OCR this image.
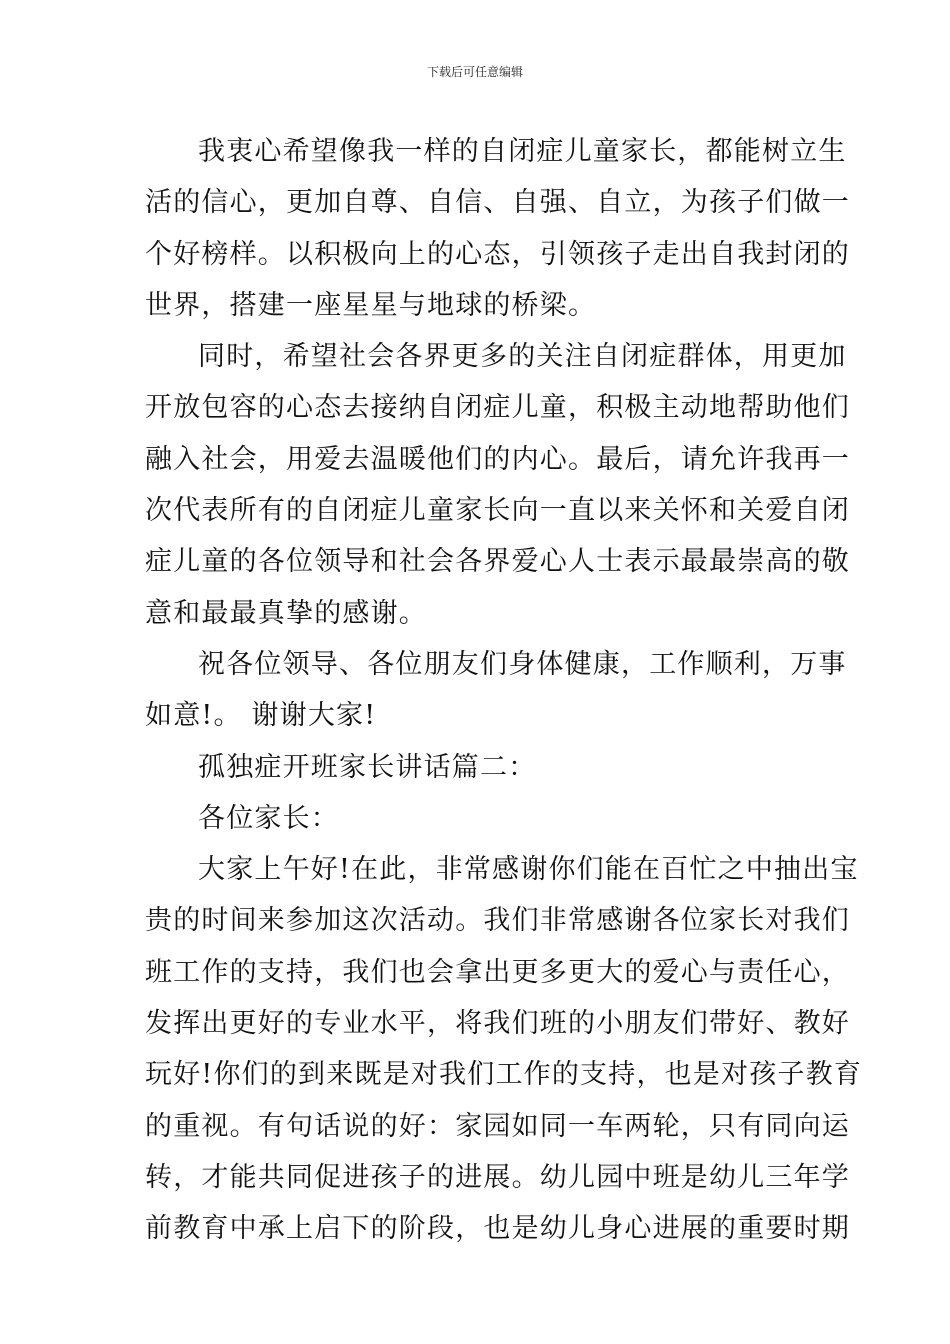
下载后可任意编辑
我衷心希望像我一样的自闭症儿童家长，都能树立生
活的信心，更加自尊、自信、自强、自立，为孩子们做一
个好榜样。以积极向上的心态，引领孩子走出自我封闭的
世界，搭建一座星星与地球的桥梁。
同时，希望社会各界更多的关注自闭症群体，用更加
开放包容的心态去接纳自闭症儿童，积极主动地帮助他们
融入社会，用爱去温暖他们的内心。最后，请允许我再一
次代表所有的自闭症儿童家长向一直以来关怀和关爱自闭
症儿童的各位领导和社会各界爱心人士表示最最崇高的敬
意和最最真挚的感谢。
祝各位领导、各位朋友们身体健康，工作顺利，万事
如意!。 谢谢大家!
孤独症开班家长讲话篇二：
各位家长：
大家上午好!在此，非常感谢你们能在百忙之中抽出宝
贵的时间来参加这次活动。我们非常感谢各位家长对我们
班工作的支持，我们也会拿出更多更大的爱心与责任心，
发挥出更好的专业水平，将我们班的小朋友们带好、教好
玩好!你们的到来既是对我们工作的支持，也是对孩子教育
的重视。有句话说的好：家园如同一车两轮，只有同向运
转，才能共同促进孩子的进展。幼儿园中班是幼儿三年学
前教育中承上启下的阶段，也是幼儿身心进展的重要时期
